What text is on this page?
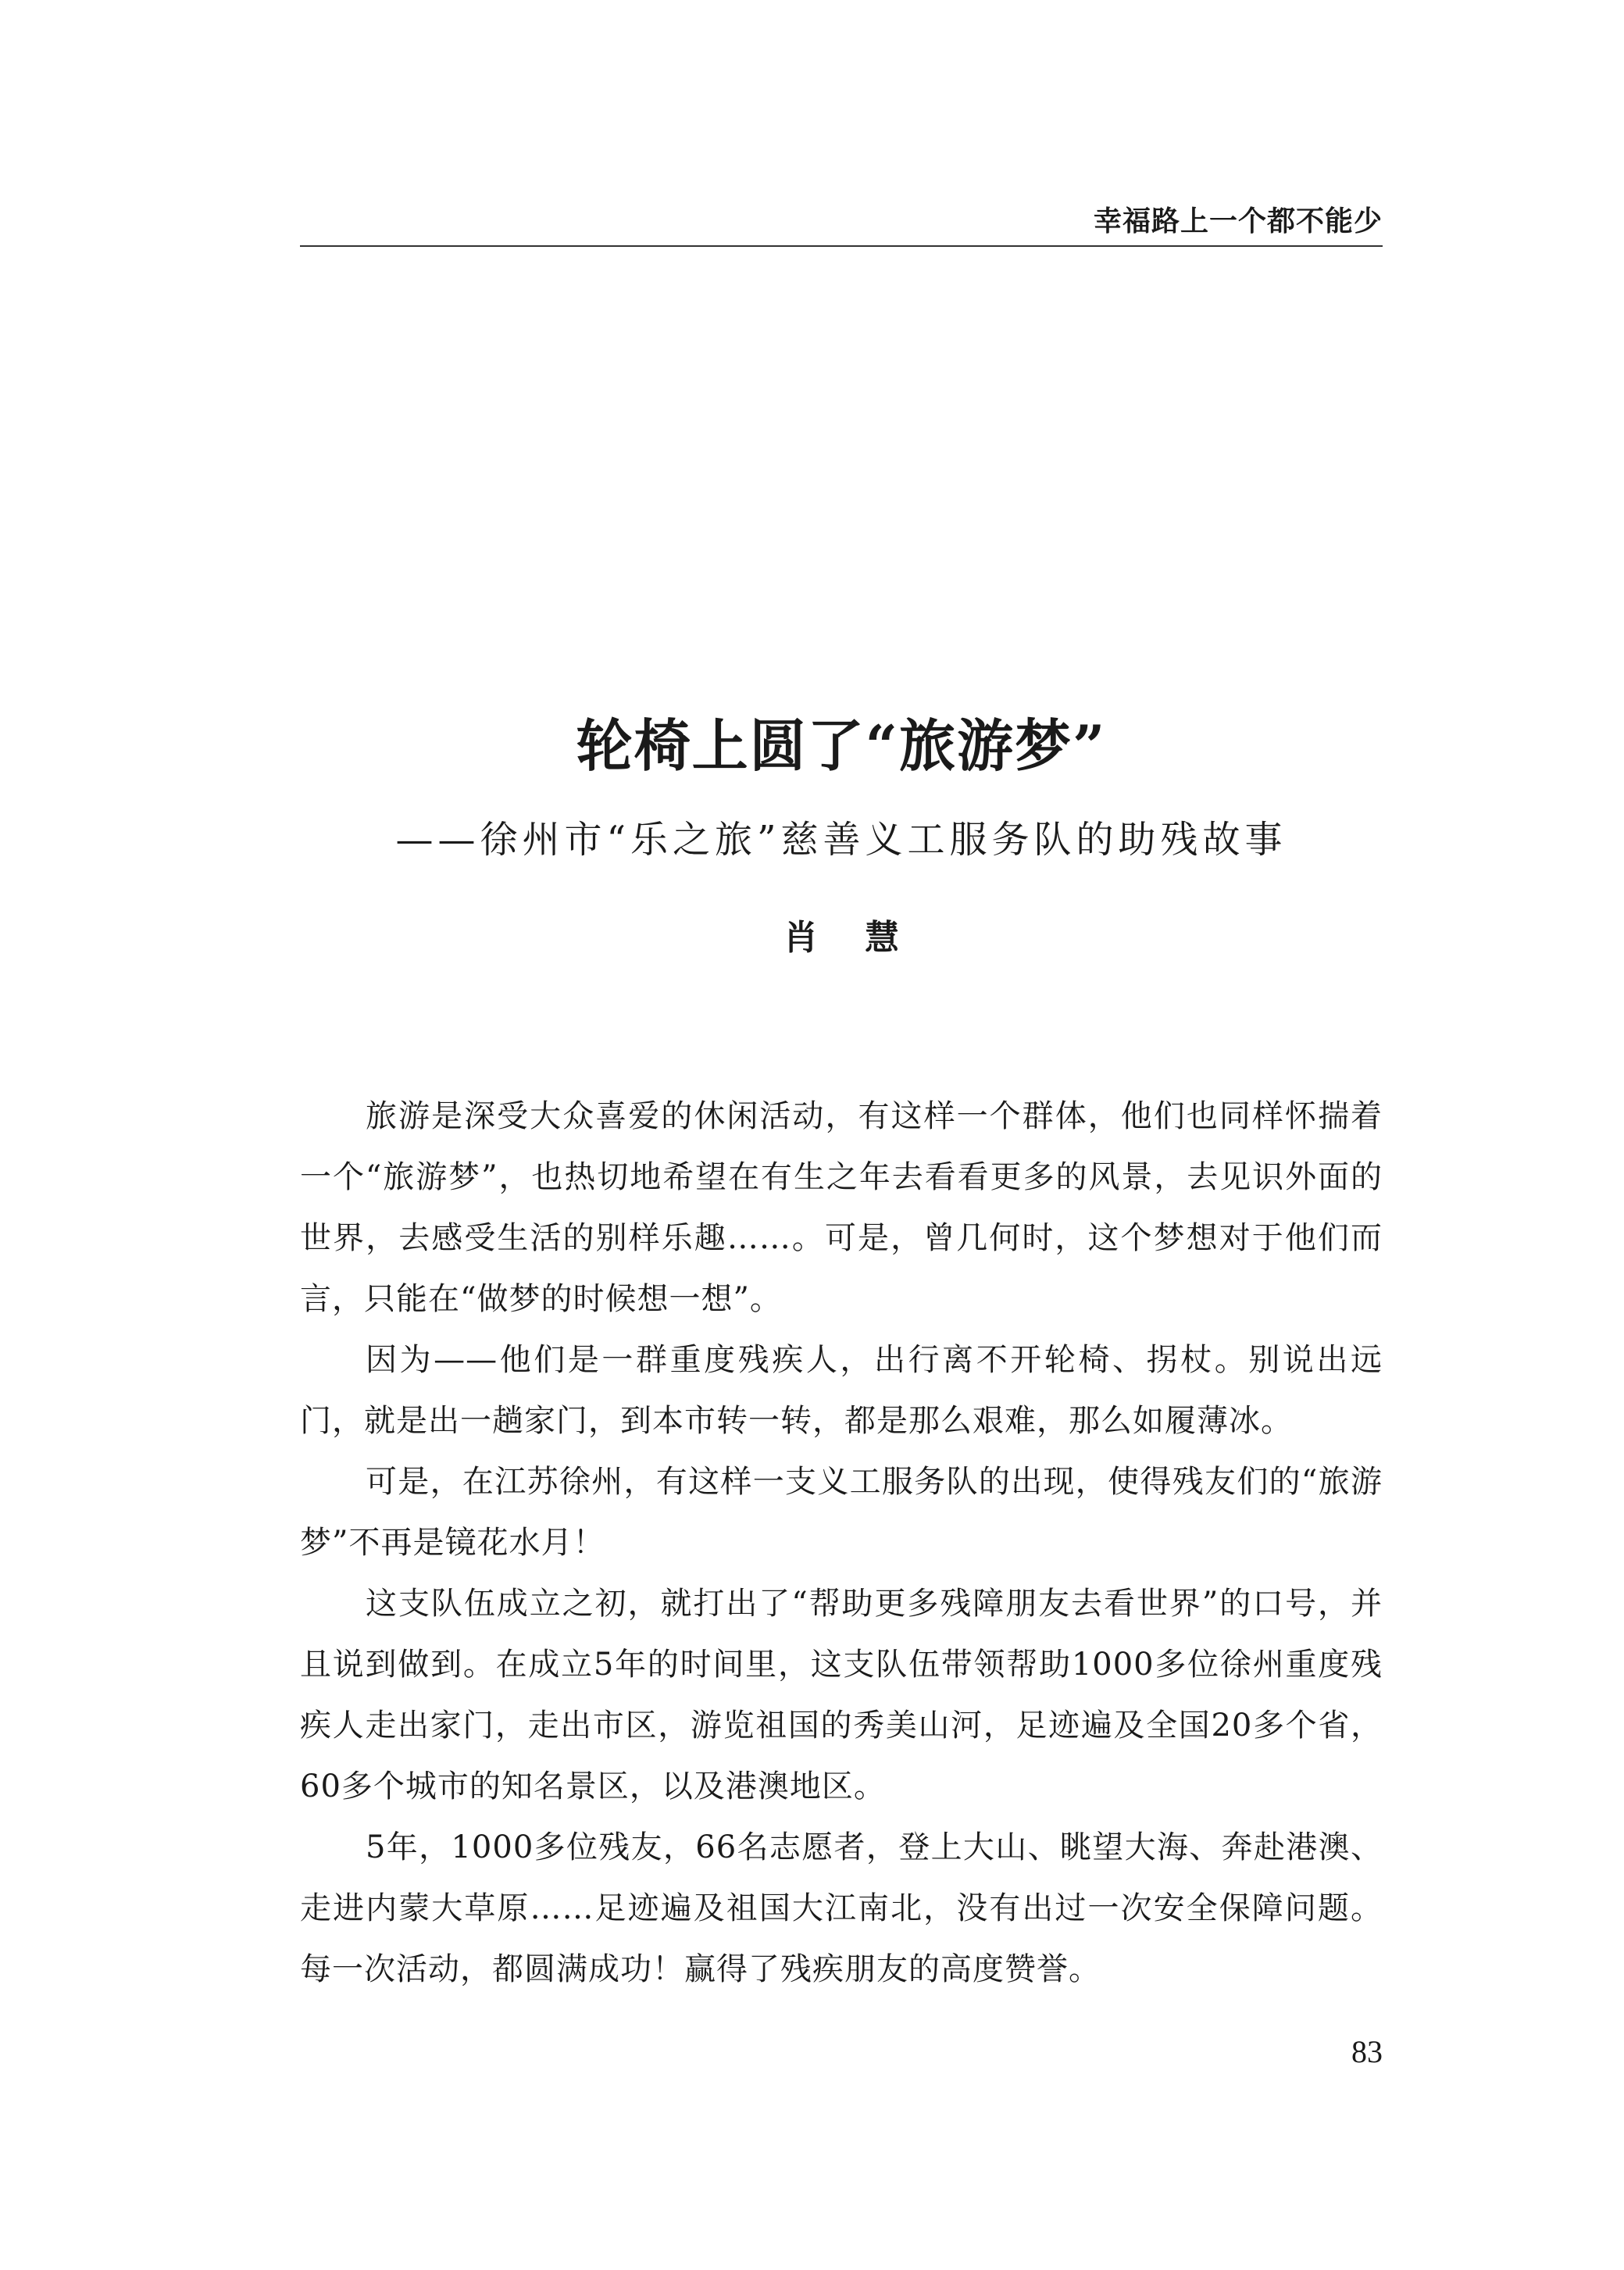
幸福路上一个都不能少
轮椅上圆了“旅游梦”
——徐州市“乐之旅”慈善义工服务队的助残故事
肖慧

旅游是深受大众喜爱的休闲活动，有这样一个群体，他们也同样怀揣着一个“旅游梦”，也热切地希望在有生之年去看看更多的风景，去见识外面的世界，去感受生活的别样乐趣……。可是，曾几何时，这个梦想对于他们而言，只能在“做梦的时候想一想”。

因为——他们是一群重度残疾人，出行离不开轮椅、拐杖。别说出远门，就是出一趟家门，到本市转一转，都是那么艰难，那么如履薄冰。

可是，在江苏徐州，有这样一支义工服务队的出现，使得残友们的“旅游梦”不再是镜花水月！

这支队伍成立之初，就打出了“帮助更多残障朋友去看世界”的口号，并且说到做到。在成立5年的时间里，这支队伍带领帮助1000多位徐州重度残疾人走出家门，走出市区，游览祖国的秀美山河，足迹遍及全国20多个省，60多个城市的知名景区，以及港澳地区。

5年，1000多位残友，66名志愿者，登上大山、眺望大海、奔赴港澳、走进内蒙大草原……足迹遍及祖国大江南北，没有出过一次安全保障问题。每一次活动，都圆满成功！赢得了残疾朋友的高度赞誉。

83
